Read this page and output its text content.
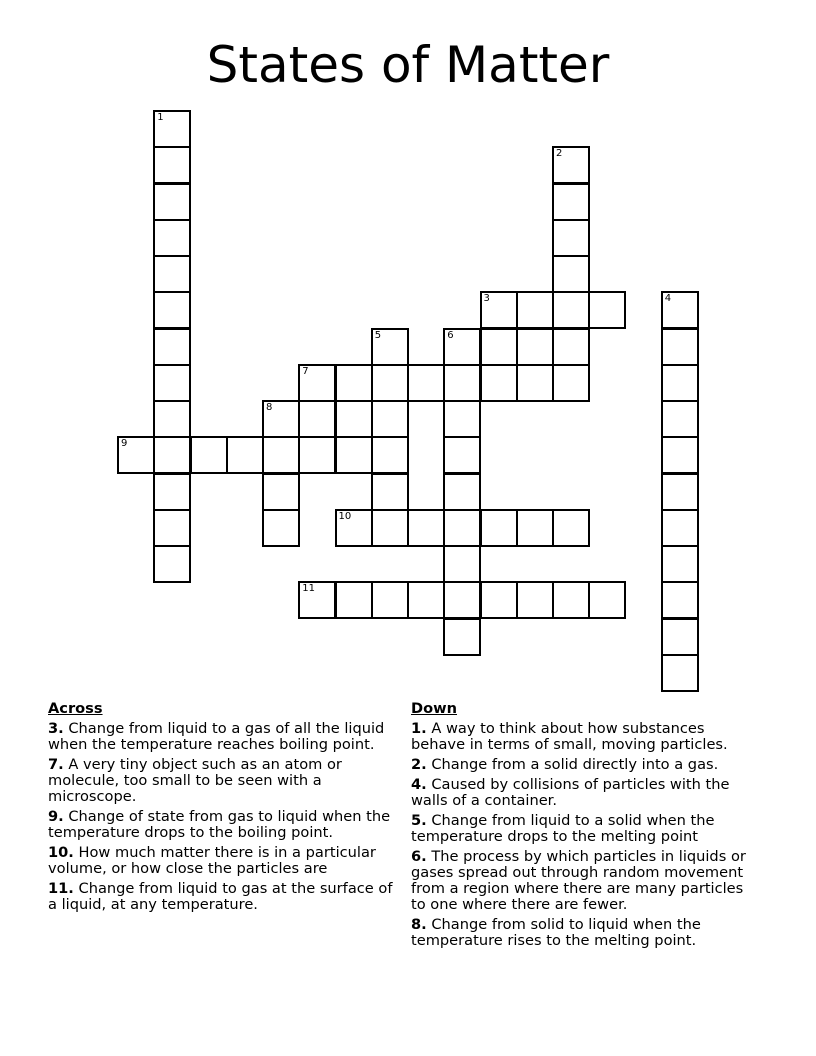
States of Matter
1
2
3	4
5	6
7
8
9
10
11
Across
3. Change from liquid to a gas of all the liquid when the temperature reaches boiling point.
7. A very tiny object such as an atom or molecule, too small to be seen with a microscope.
9. Change of state from gas to liquid when the temperature drops to the boiling point.
10. How much matter there is in a particular volume, or how close the particles are
11. Change from liquid to gas at the surface of a liquid, at any temperature.
Down
1. A way to think about how substances behave in terms of small, moving particles.
2. Change from a solid directly into a gas.
4. Caused by collisions of particles with the walls of a container.
5. Change from liquid to a solid when the temperature drops to the melting point
6. The process by which particles in liquids or gases spread out through random movement from a region where there are many particles to one where there are fewer.
8. Change from solid to liquid when the temperature rises to the melting point.
